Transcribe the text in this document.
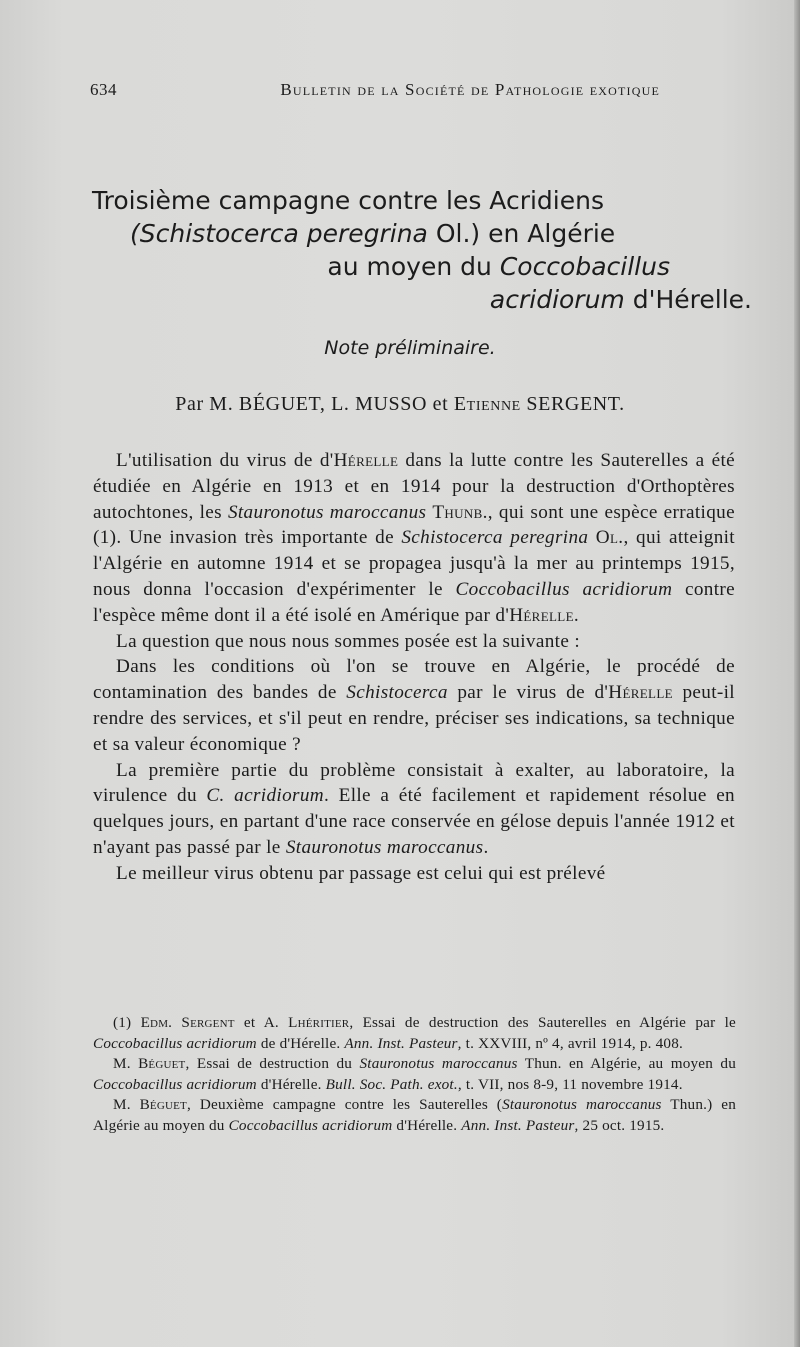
634	Bulletin de la Société de Pathologie exotique
Troisième campagne contre les Acridiens
(Schistocerca peregrina Ol.) en Algérie
au moyen du Coccobacillus
acridiorum d'Hérelle.
Note préliminaire.
Par M. BÉGUET, L. MUSSO et Etienne SERGENT.

L'utilisation du virus de d'Hérelle dans la lutte contre les Sauterelles a été étudiée en Algérie en 1913 et en 1914 pour la destruction d'Orthoptères autochtones, les Stauronotus maroccanus Thunb., qui sont une espèce erratique (1). Une invasion très importante de Schistocerca peregrina Ol., qui atteignit l'Algérie en automne 1914 et se propagea jusqu'à la mer au printemps 1915, nous donna l'occasion d'expérimenter le Coccobacillus acridiorum contre l'espèce même dont il a été isolé en Amérique par d'Hérelle.

La question que nous nous sommes posée est la suivante :

Dans les conditions où l'on se trouve en Algérie, le procédé de contamination des bandes de Schistocerca par le virus de d'Hérelle peut-il rendre des services, et s'il peut en rendre, préciser ses indications, sa technique et sa valeur économique ?

La première partie du problème consistait à exalter, au laboratoire, la virulence du C. acridiorum. Elle a été facilement et rapidement résolue en quelques jours, en partant d'une race conservée en gélose depuis l'année 1912 et n'ayant pas passé par le Stauronotus maroccanus.

Le meilleur virus obtenu par passage est celui qui est prélevé

(1) Edm. Sergent et A. Lhéritier, Essai de destruction des Sauterelles en Algérie par le Coccobacillus acridiorum de d'Hérelle. Ann. Inst. Pasteur, t. XXVIII, nº 4, avril 1914, p. 408.

M. Béguet, Essai de destruction du Stauronotus maroccanus Thun. en Algérie, au moyen du Coccobacillus acridiorum d'Hérelle. Bull. Soc. Path. exot., t. VII, nos 8-9, 11 novembre 1914.

M. Béguet, Deuxième campagne contre les Sauterelles (Stauronotus maroccanus Thun.) en Algérie au moyen du Coccobacillus acridiorum d'Hérelle. Ann. Inst. Pasteur, 25 oct. 1915.
